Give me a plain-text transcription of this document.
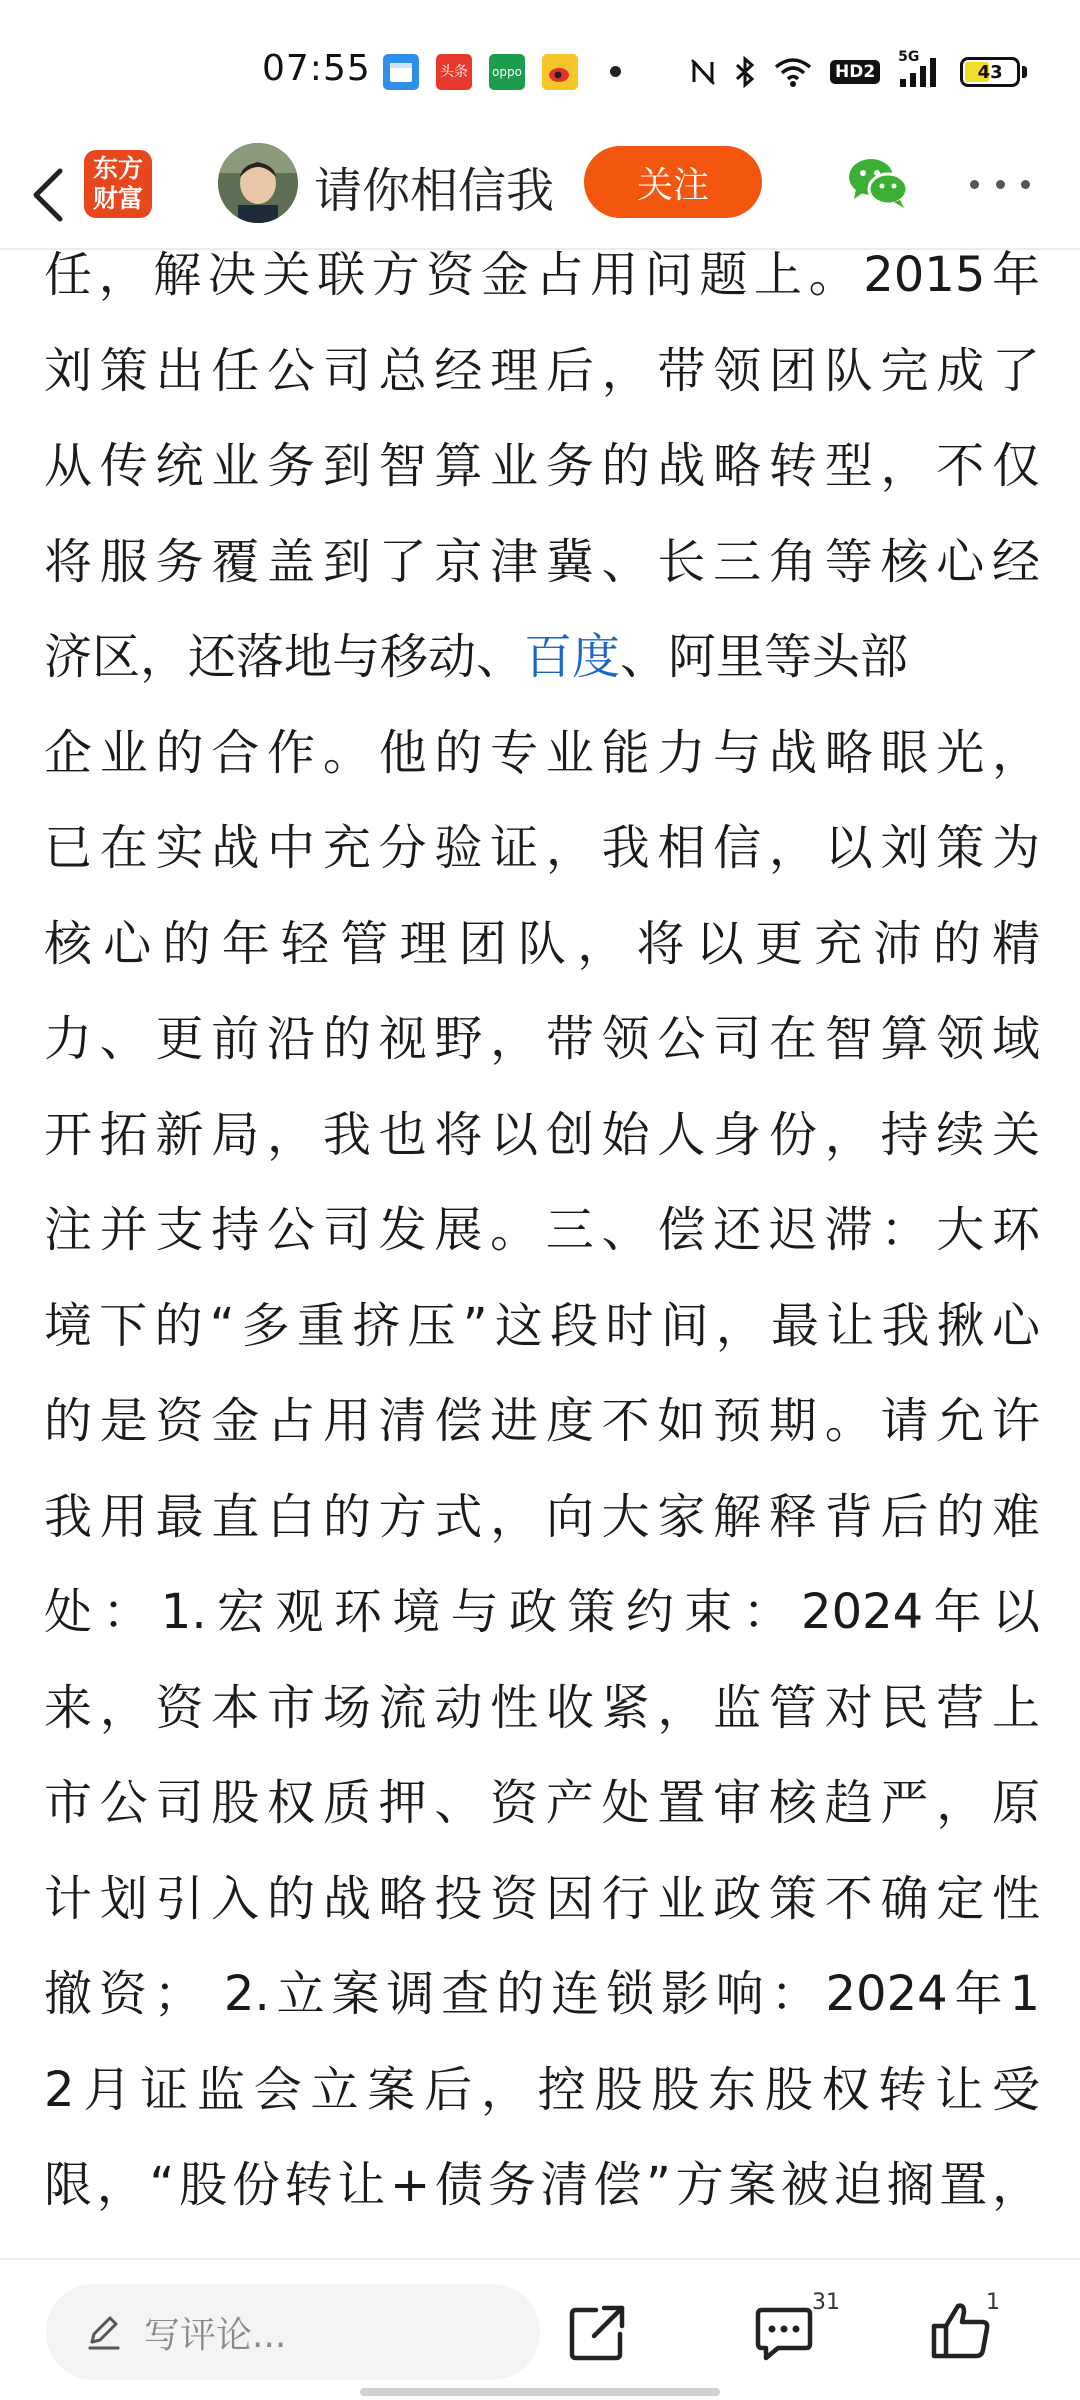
07:55	头条	oppo	HD2
5G
43
东方
财富	请你相信我	关注
任，解决关联方资金占用问题上。2015年
刘策出任公司总经理后，带领团队完成了
从传统业务到智算业务的战略转型，不仅
将服务覆盖到了京津冀、长三角等核心经
济区，还落地与移动、百度、阿里等头部
企业的合作。他的专业能力与战略眼光，
已在实战中充分验证，我相信，以刘策为
核心的年轻管理团队，将以更充沛的精
力、更前沿的视野，带领公司在智算领域
开拓新局，我也将以创始人身份，持续关
注并支持公司发展。三、偿还迟滞：大环
境下的“多重挤压”这段时间，最让我揪心
的是资金占用清偿进度不如预期。请允许
我用最直白的方式，向大家解释背后的难
处：1.宏观环境与政策约束：2024年以
来，资本市场流动性收紧，监管对民营上
市公司股权质押、资产处置审核趋严，原
计划引入的战略投资因行业政策不确定性
撤资； 2.立案调查的连锁影响：2024年1
2月证监会立案后，控股股东股权转让受
限，“股份转让+债务清偿”方案被迫搁置，
写评论...
31	1
